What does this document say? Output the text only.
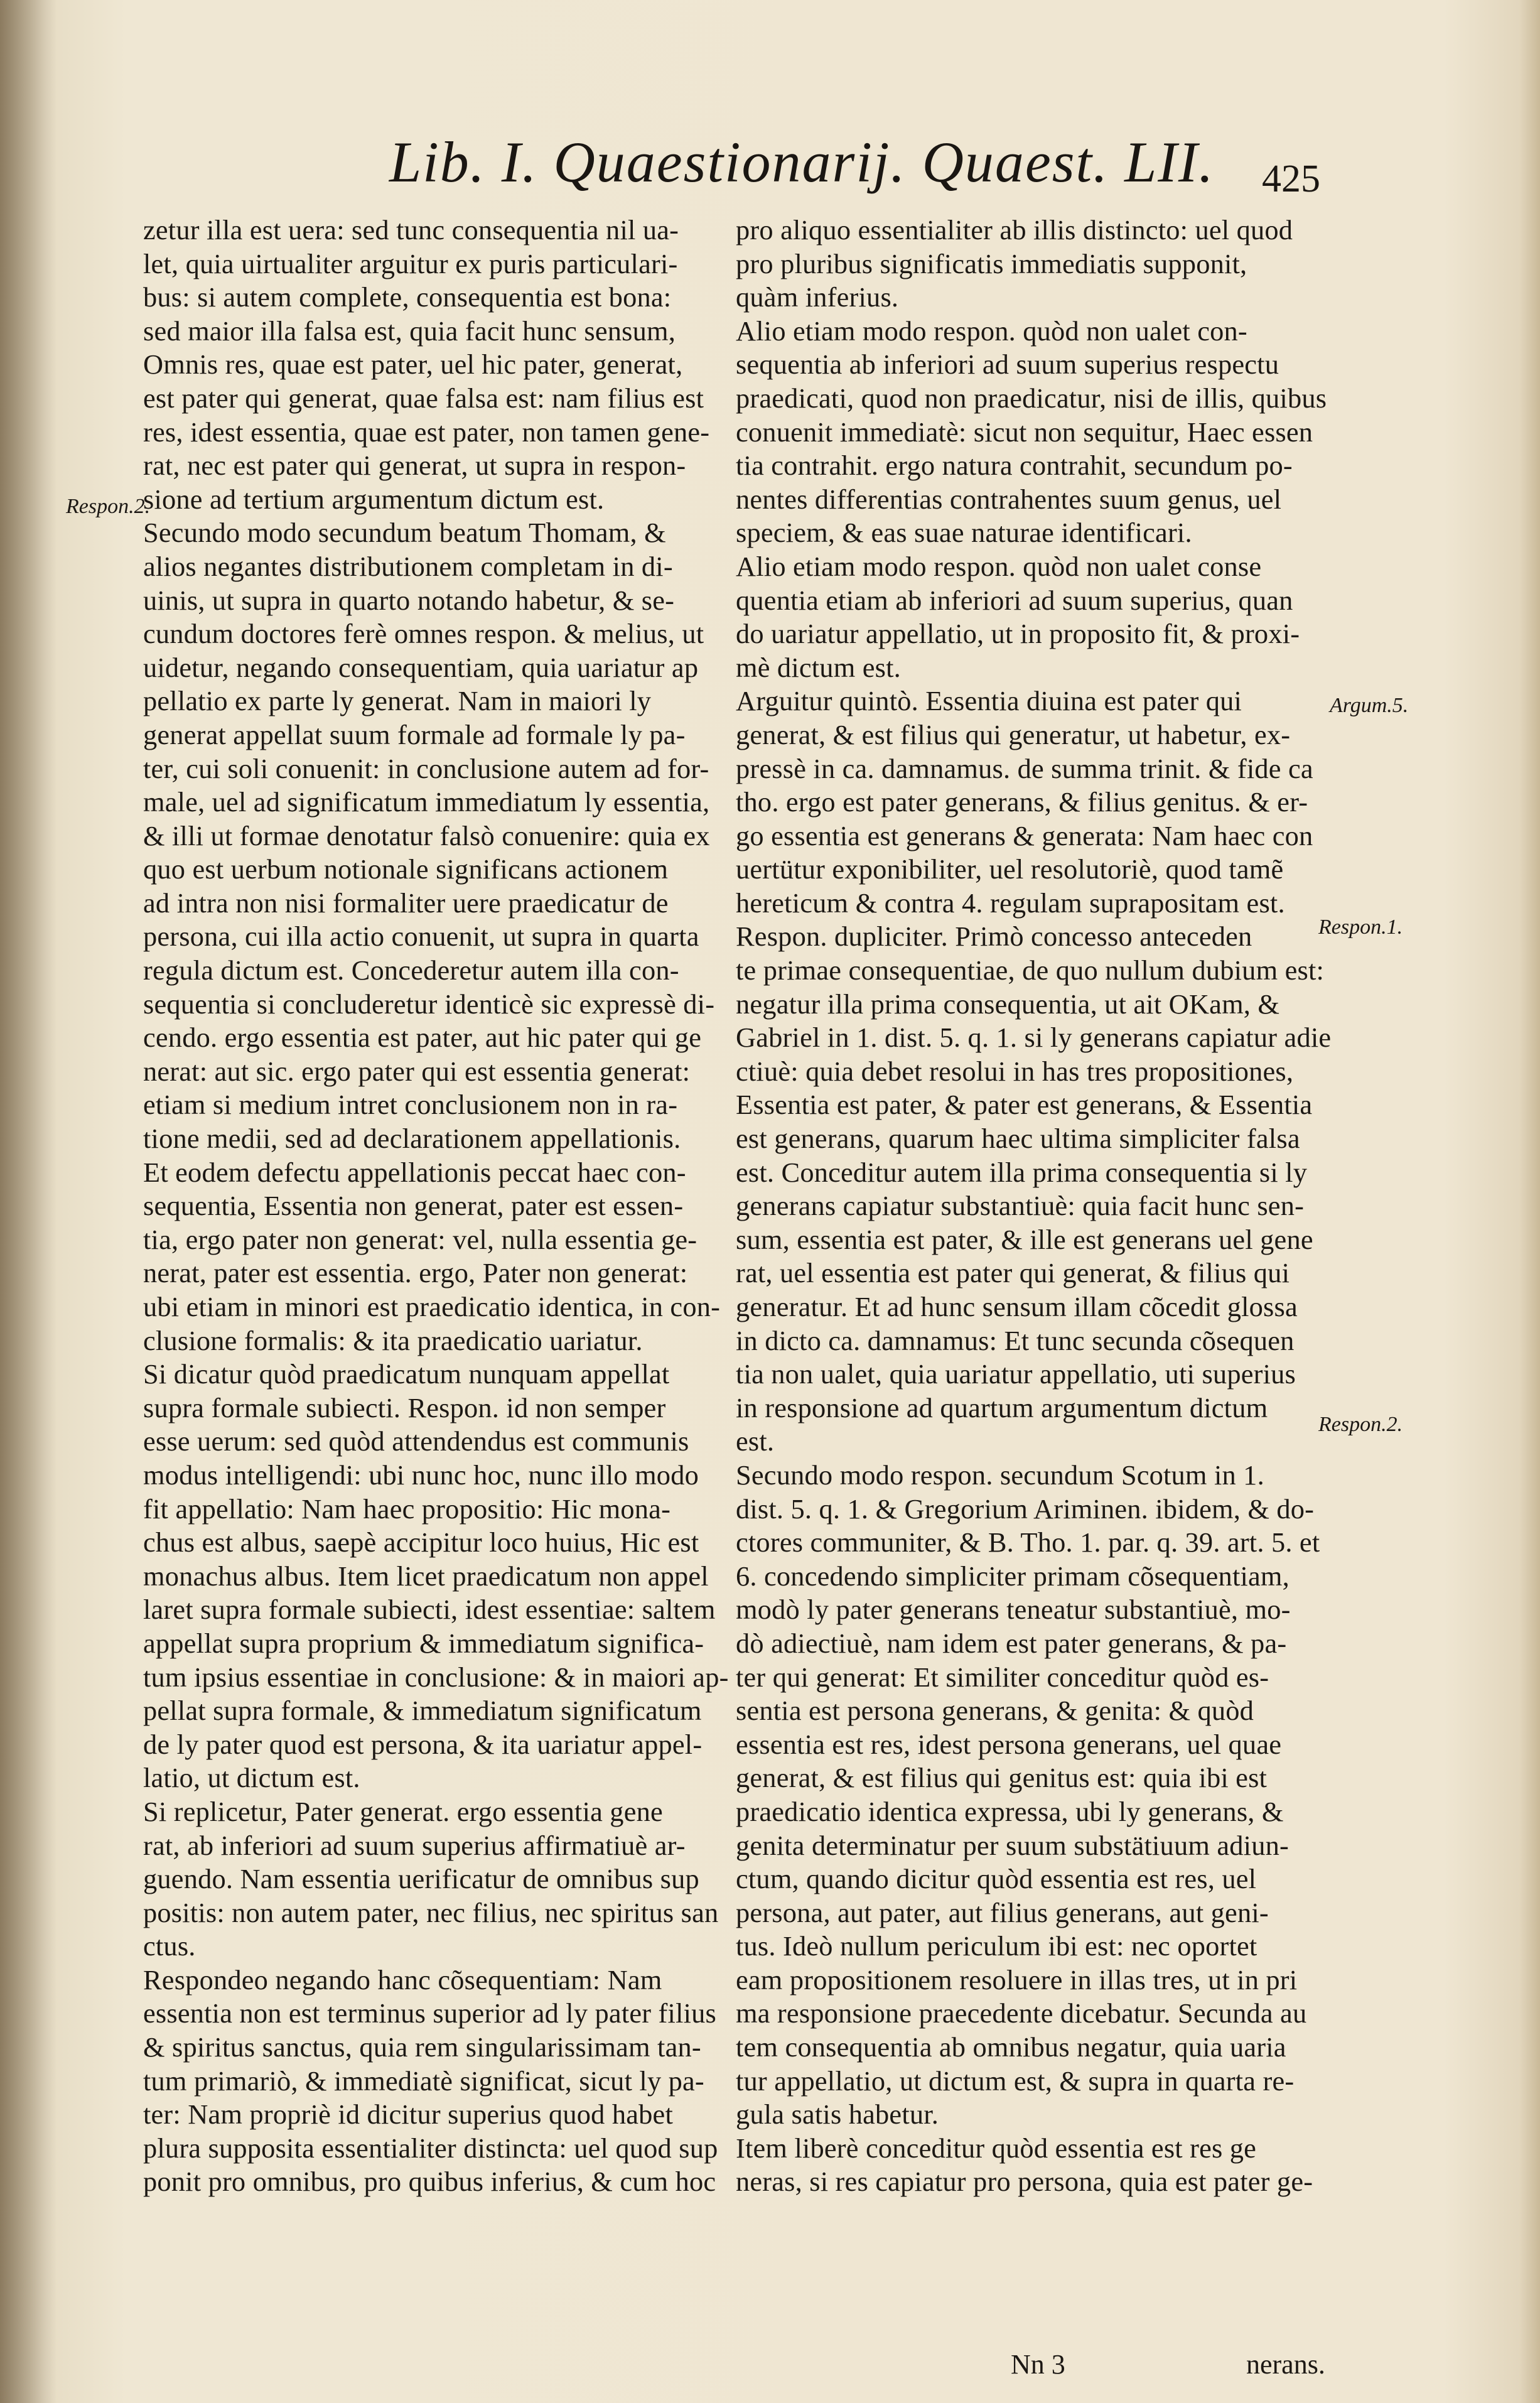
Lib. I. Quaestionarij. Quaest. LII.	425
Respon.2.
Argum.5.
Respon.1.
Respon.2.
zetur illa est uera: sed tunc consequentia nil ua-
let, quia uirtualiter arguitur ex puris particulari-
bus: si autem complete, consequentia est bona:
sed maior illa falsa est, quia facit hunc sensum,
Omnis res, quae est pater, uel hic pater, generat,
est pater qui generat, quae falsa est: nam filius est
res, idest essentia, quae est pater, non tamen gene-
rat, nec est pater qui generat, ut supra in respon-
sione ad tertium argumentum dictum est.
Secundo modo secundum beatum Thomam, &
alios negantes distributionem completam in di-
uinis, ut supra in quarto notando habetur, & se-
cundum doctores ferè omnes respon. & melius, ut
uidetur, negando consequentiam, quia uariatur ap
pellatio ex parte ly generat. Nam in maiori ly
generat appellat suum formale ad formale ly pa-
ter, cui soli conuenit: in conclusione autem ad for-
male, uel ad significatum immediatum ly essentia,
& illi ut formae denotatur falsò conuenire: quia ex
quo est uerbum notionale significans actionem
ad intra non nisi formaliter uere praedicatur de
persona, cui illa actio conuenit, ut supra in quarta
regula dictum est. Concederetur autem illa con-
sequentia si concluderetur identicè sic expressè di-
cendo. ergo essentia est pater, aut hic pater qui ge
nerat: aut sic. ergo pater qui est essentia generat:
etiam si medium intret conclusionem non in ra-
tione medii, sed ad declarationem appellationis.
Et eodem defectu appellationis peccat haec con-
sequentia, Essentia non generat, pater est essen-
tia, ergo pater non generat: vel, nulla essentia ge-
nerat, pater est essentia. ergo, Pater non generat:
ubi etiam in minori est praedicatio identica, in con-
clusione formalis: & ita praedicatio uariatur.
Si dicatur quòd praedicatum nunquam appellat
supra formale subiecti. Respon. id non semper
esse uerum: sed quòd attendendus est communis
modus intelligendi: ubi nunc hoc, nunc illo modo
fit appellatio: Nam haec propositio: Hic mona-
chus est albus, saepè accipitur loco huius, Hic est
monachus albus. Item licet praedicatum non appel
laret supra formale subiecti, idest essentiae: saltem
appellat supra proprium & immediatum significa-
tum ipsius essentiae in conclusione: & in maiori ap-
pellat supra formale, & immediatum significatum
de ly pater quod est persona, & ita uariatur appel-
latio, ut dictum est.
Si replicetur, Pater generat. ergo essentia gene
rat, ab inferiori ad suum superius affirmatiuè ar-
guendo. Nam essentia uerificatur de omnibus sup
positis: non autem pater, nec filius, nec spiritus san
ctus.
Respondeo negando hanc cõsequentiam: Nam
essentia non est terminus superior ad ly pater filius
& spiritus sanctus, quia rem singularissimam tan-
tum primariò, & immediatè significat, sicut ly pa-
ter: Nam propriè id dicitur superius quod habet
plura supposita essentialiter distincta: uel quod sup
ponit pro omnibus, pro quibus inferius, & cum hoc
pro aliquo essentialiter ab illis distincto: uel quod
pro pluribus significatis immediatis supponit,
quàm inferius.
Alio etiam modo respon. quòd non ualet con-
sequentia ab inferiori ad suum superius respectu
praedicati, quod non praedicatur, nisi de illis, quibus
conuenit immediatè: sicut non sequitur, Haec essen
tia contrahit. ergo natura contrahit, secundum po-
nentes differentias contrahentes suum genus, uel
speciem, & eas suae naturae identificari.
Alio etiam modo respon. quòd non ualet conse
quentia etiam ab inferiori ad suum superius, quan
do uariatur appellatio, ut in proposito fit, & proxi-
mè dictum est.
Arguitur quintò. Essentia diuina est pater qui
generat, & est filius qui generatur, ut habetur, ex-
pressè in ca. damnamus. de summa trinit. & fide ca
tho. ergo est pater generans, & filius genitus. & er-
go essentia est generans & generata: Nam haec con
uertütur exponibiliter, uel resolutoriè, quod tamẽ
hereticum & contra 4. regulam suprapositam est.
Respon. dupliciter. Primò concesso anteceden
te primae consequentiae, de quo nullum dubium est:
negatur illa prima consequentia, ut ait OKam, &
Gabriel in 1. dist. 5. q. 1. si ly generans capiatur adie
ctiuè: quia debet resolui in has tres propositiones,
Essentia est pater, & pater est generans, & Essentia
est generans, quarum haec ultima simpliciter falsa
est. Conceditur autem illa prima consequentia si ly
generans capiatur substantiuè: quia facit hunc sen-
sum, essentia est pater, & ille est generans uel gene
rat, uel essentia est pater qui generat, & filius qui
generatur. Et ad hunc sensum illam cõcedit glossa
in dicto ca. damnamus: Et tunc secunda cõsequen
tia non ualet, quia uariatur appellatio, uti superius
in responsione ad quartum argumentum dictum
est.
Secundo modo respon. secundum Scotum in 1.
dist. 5. q. 1. & Gregorium Ariminen. ibidem, & do-
ctores communiter, & B. Tho. 1. par. q. 39. art. 5. et
6. concedendo simpliciter primam cõsequentiam,
modò ly pater generans teneatur substantiuè, mo-
dò adiectiuè, nam idem est pater generans, & pa-
ter qui generat: Et similiter conceditur quòd es-
sentia est persona generans, & genita: & quòd
essentia est res, idest persona generans, uel quae
generat, & est filius qui genitus est: quia ibi est
praedicatio identica expressa, ubi ly generans, &
genita determinatur per suum substätiuum adiun-
ctum, quando dicitur quòd essentia est res, uel
persona, aut pater, aut filius generans, aut geni-
tus. Ideò nullum periculum ibi est: nec oportet
eam propositionem resoluere in illas tres, ut in pri
ma responsione praecedente dicebatur. Secunda au
tem consequentia ab omnibus negatur, quia uaria
tur appellatio, ut dictum est, & supra in quarta re-
gula satis habetur.
Item liberè conceditur quòd essentia est res ge
neras, si res capiatur pro persona, quia est pater ge-
Nn 3	nerans.
